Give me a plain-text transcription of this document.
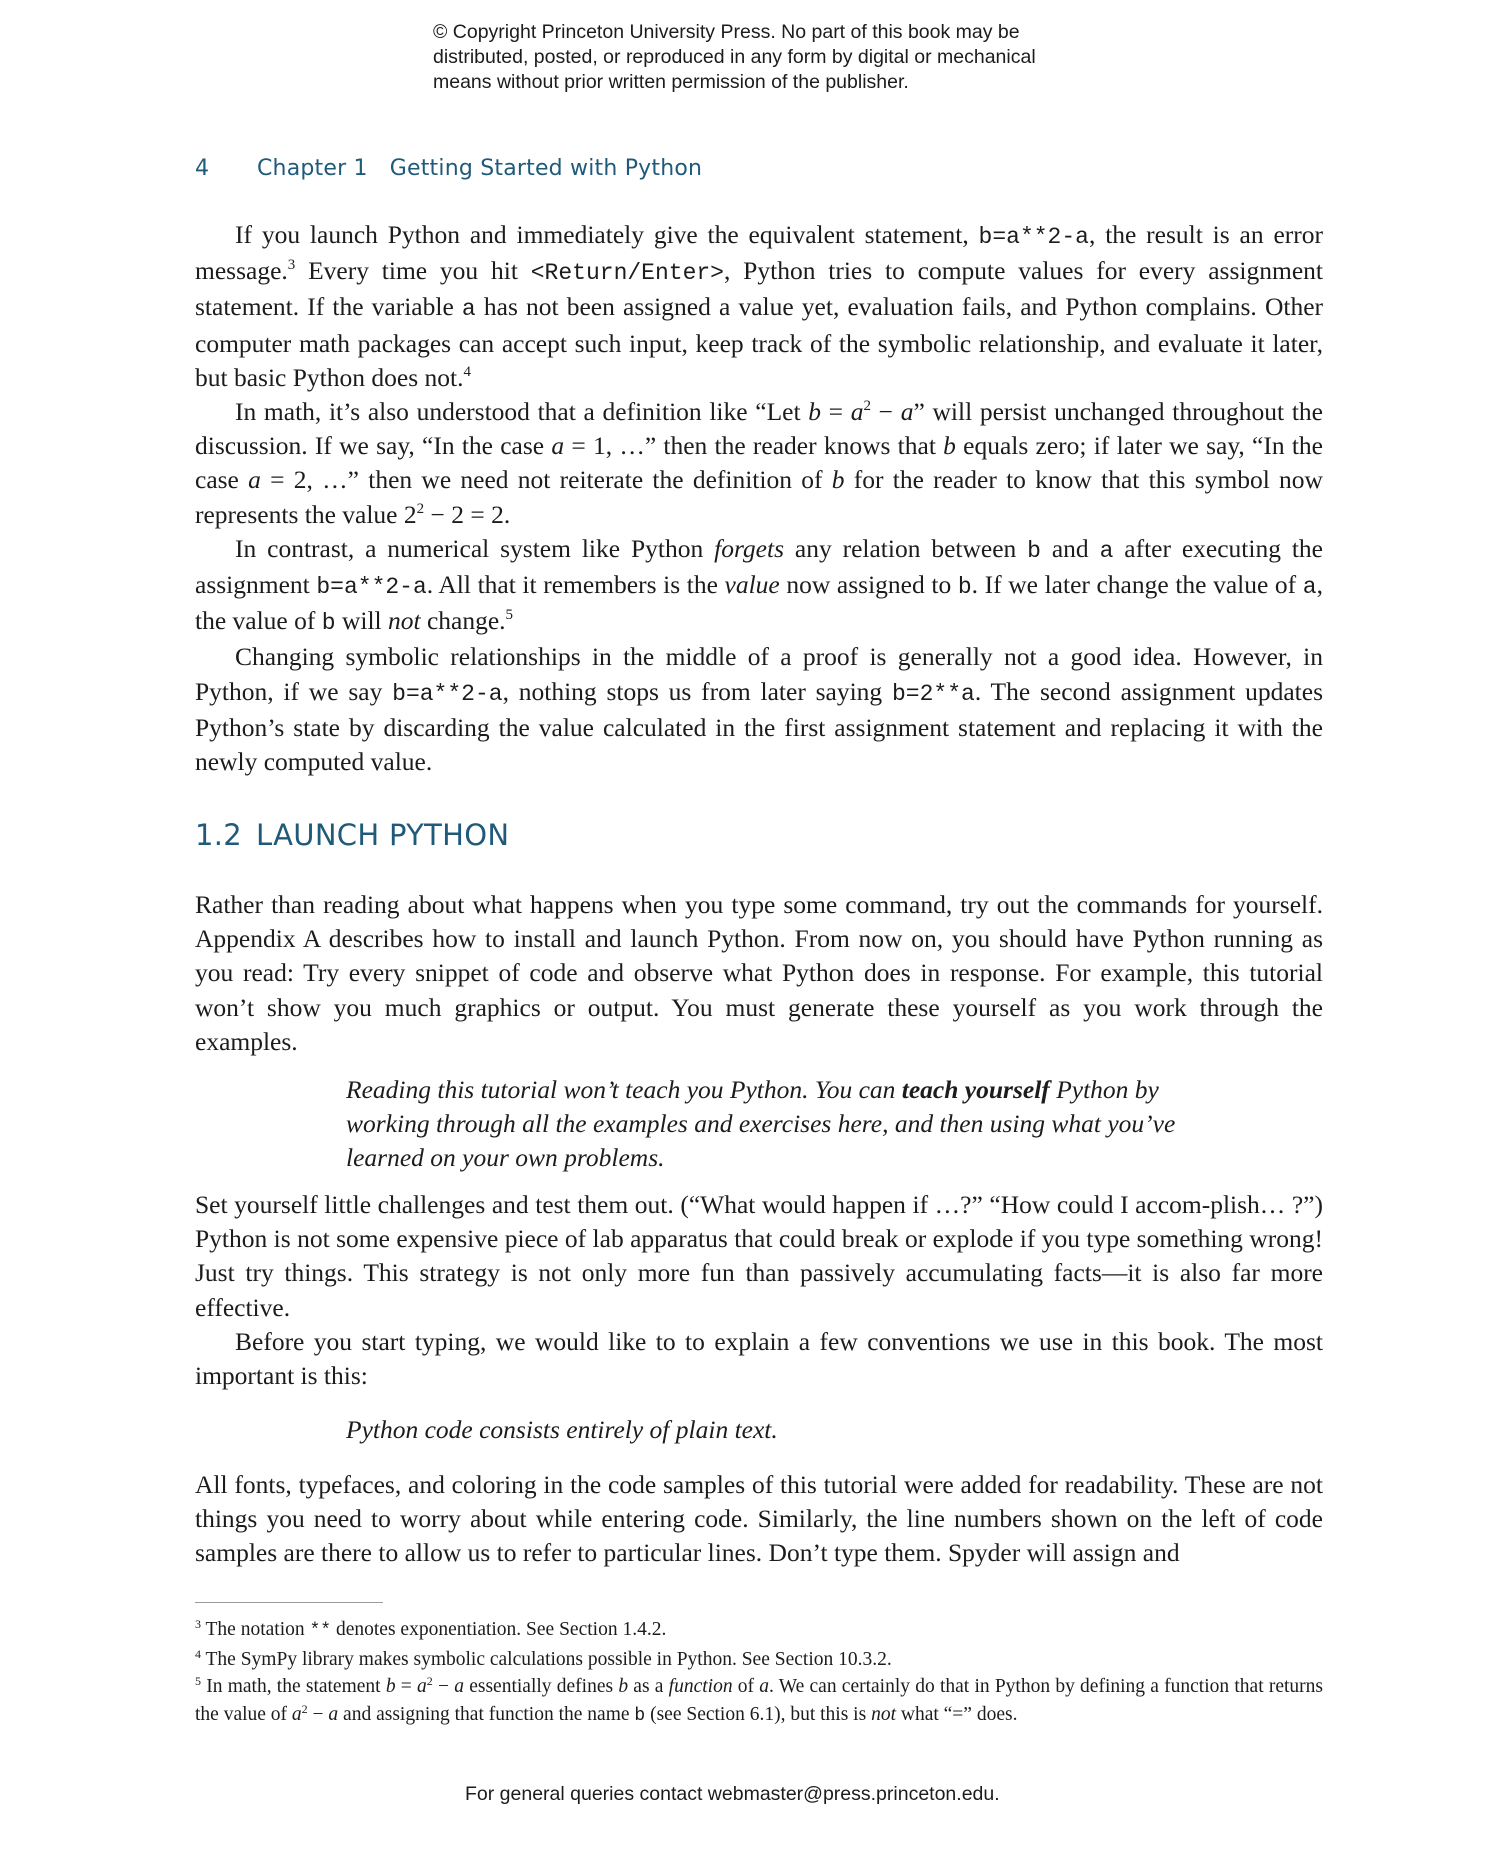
© Copyright Princeton University Press. No part of this book may be
distributed, posted, or reproduced in any form by digital or mechanical
means without prior written permission of the publisher.
4 Chapter 1 Getting Started with Python

If you launch Python and immediately give the equivalent statement, b=a**2-a, the result is an error message.$^3$ Every time you hit <Return/Enter>, Python tries to compute values for every assignment statement. If the variable a has not been assigned a value yet, evaluation fails, and Python complains. Other computer math packages can accept such input, keep track of the symbolic relationship, and evaluate it later, but basic Python does not.$^4$

In math, it’s also understood that a definition like “Let $b = a^2 - a$” will persist unchanged throughout the discussion. If we say, “In the case a = 1, …” then the reader knows that b equals zero; if later we say, “In the case a = 2, …” then we need not reiterate the definition of b for the reader to know that this symbol now represents the value $2^2 - 2 = 2$.

In contrast, a numerical system like Python forgets any relation between b and a after executing the assignment b=a**2-a. All that it remembers is the value now assigned to b. If we later change the value of a, the value of b will not change.$^5$

Changing symbolic relationships in the middle of a proof is generally not a good idea. However, in Python, if we say b=a**2-a, nothing stops us from later saying b=2**a. The second assignment updates Python’s state by discarding the value calculated in the first assignment statement and replacing it with the newly computed value.

1.2 LAUNCH PYTHON

Rather than reading about what happens when you type some command, try out the commands for yourself. Appendix A describes how to install and launch Python. From now on, you should have Python running as you read: Try every snippet of code and observe what Python does in response. For example, this tutorial won’t show you much graphics or output. You must generate these yourself as you work through the examples.

Reading this tutorial won’t teach you Python. You can teach yourself Python by working through all the examples and exercises here, and then using what you’ve learned on your own problems.

Set yourself little challenges and test them out. (“What would happen if …?” “How could I accom-plish… ?”) Python is not some expensive piece of lab apparatus that could break or explode if you type something wrong! Just try things. This strategy is not only more fun than passively accumulating facts—it is also far more effective.

Before you start typing, we would like to to explain a few conventions we use in this book. The most important is this:

Python code consists entirely of plain text.

All fonts, typefaces, and coloring in the code samples of this tutorial were added for readability. These are not things you need to worry about while entering code. Similarly, the line numbers shown on the left of code samples are there to allow us to refer to particular lines. Don’t type them. Spyder will assign and

$^3$ The notation ** denotes exponentiation. See Section 1.4.2.

$^4$ The SymPy library makes symbolic calculations possible in Python. See Section 10.3.2.

$^5$ In math, the statement $b = a^2 - a$ essentially defines b as a function of a. We can certainly do that in Python by defining a function that returns the value of $a^2 - a$ and assigning that function the name b (see Section 6.1), but this is not what “=” does.

For general queries contact webmaster@press.princeton.edu.
